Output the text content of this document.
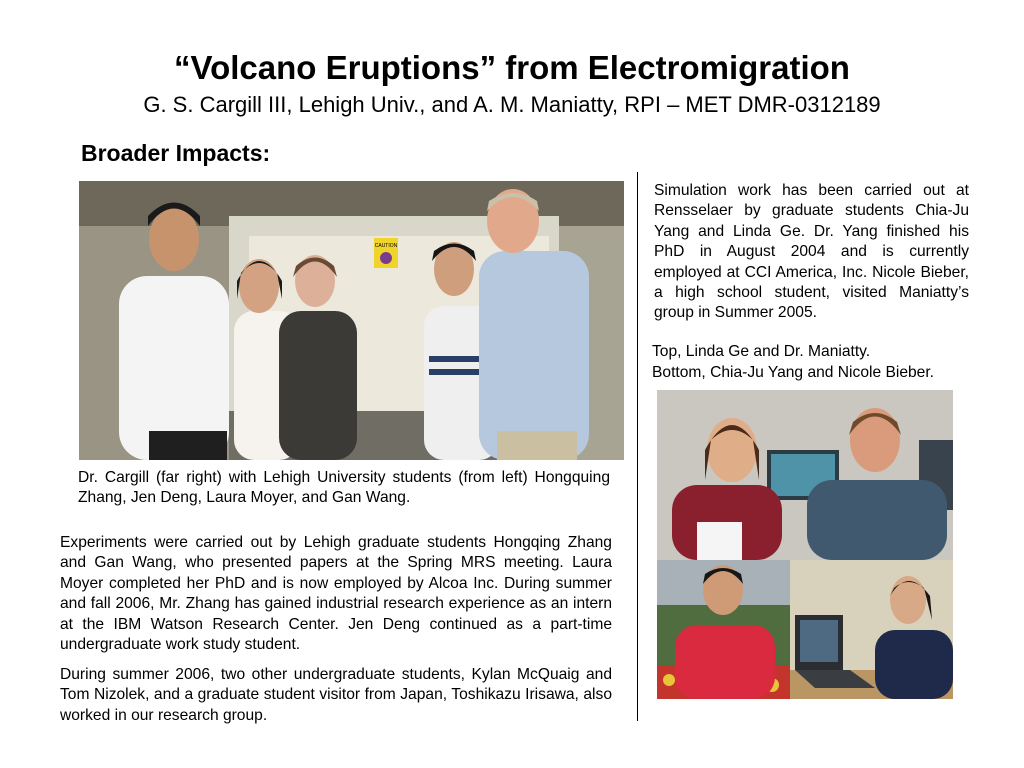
“Volcano Eruptions” from Electromigration
G. S. Cargill III, Lehigh Univ., and A. M. Maniatty, RPI – MET DMR-0312189
Broader Impacts:
CAUTION
Dr. Cargill (far right) with Lehigh University students (from left) Hongquing Zhang, Jen Deng, Laura Moyer, and Gan Wang.
Experiments were carried out by Lehigh graduate students Hongqing Zhang and Gan Wang, who presented papers at the Spring MRS meeting. Laura Moyer completed her PhD and is now employed by Alcoa Inc. During summer and fall 2006, Mr. Zhang has gained industrial research experience as an intern at the IBM Watson Research Center. Jen Deng continued as a part-time undergraduate work study student.
During summer 2006, two other undergraduate students, Kylan McQuaig and Tom Nizolek, and a graduate student visitor from Japan, Toshikazu Irisawa, also worked in our research group.
Simulation work has been carried out at Rensselaer by graduate students Chia-Ju Yang and Linda Ge. Dr. Yang finished his PhD in August 2004 and is currently employed at CCI America, Inc. Nicole Bieber, a high school student, visited Maniatty’s group in Summer 2005.
Top, Linda Ge and Dr. Maniatty.
Bottom, Chia-Ju Yang and Nicole Bieber.
